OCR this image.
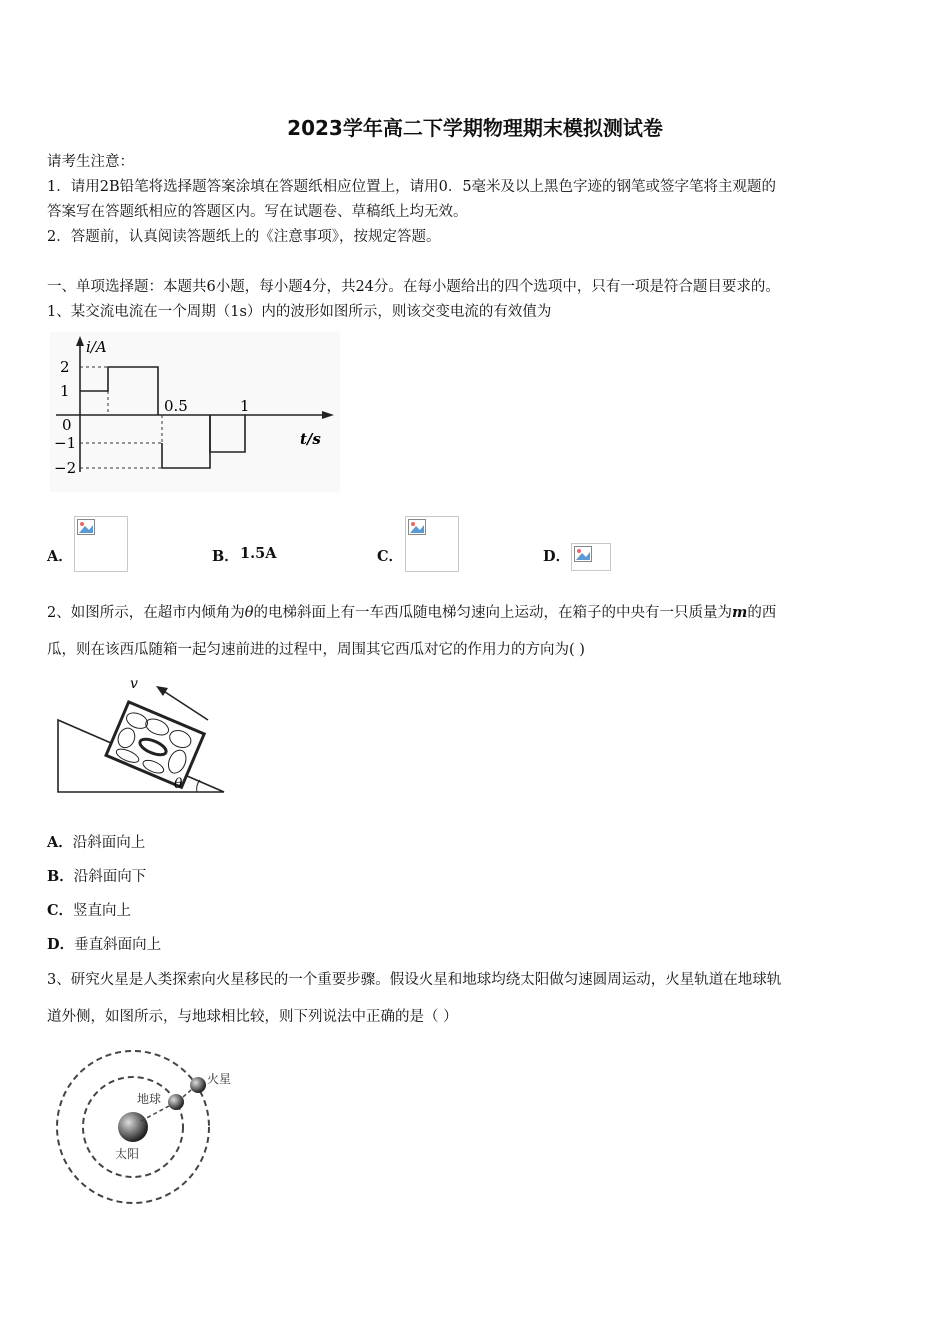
2023学年高二下学期物理期末模拟测试卷
请考生注意：
1．请用2B铅笔将选择题答案涂填在答题纸相应位置上，请用0．5毫米及以上黑色字迹的钢笔或签字笔将主观题的
答案写在答题纸相应的答题区内。写在试题卷、草稿纸上均无效。
2．答题前，认真阅读答题纸上的《注意事项》，按规定答题。
一、单项选择题：本题共6小题，每小题4分，共24分。在每小题给出的四个选项中，只有一项是符合题目要求的。
1、某交流电流在一个周期（1s）内的波形如图所示，则该交变电流的有效值为
i/A
t/s
2
1
0
−1
−2
0.5	1
A．	B． 1.5A	C．	D．
2、如图所示，在超市内倾角为θ的电梯斜面上有一车西瓜随电梯匀速向上运动，在箱子的中央有一只质量为m的西
瓜，则在该西瓜随箱一起匀速前进的过程中，周围其它西瓜对它的作用力的方向为( )
v
θ
A．沿斜面向上
B．沿斜面向下
C．竖直向上
D．垂直斜面向上
3、研究火星是人类探索向火星移民的一个重要步骤。假设火星和地球均绕太阳做匀速圆周运动，火星轨道在地球轨
道外侧，如图所示，与地球相比较，则下列说法中正确的是（ ）
火星
地球
太阳
